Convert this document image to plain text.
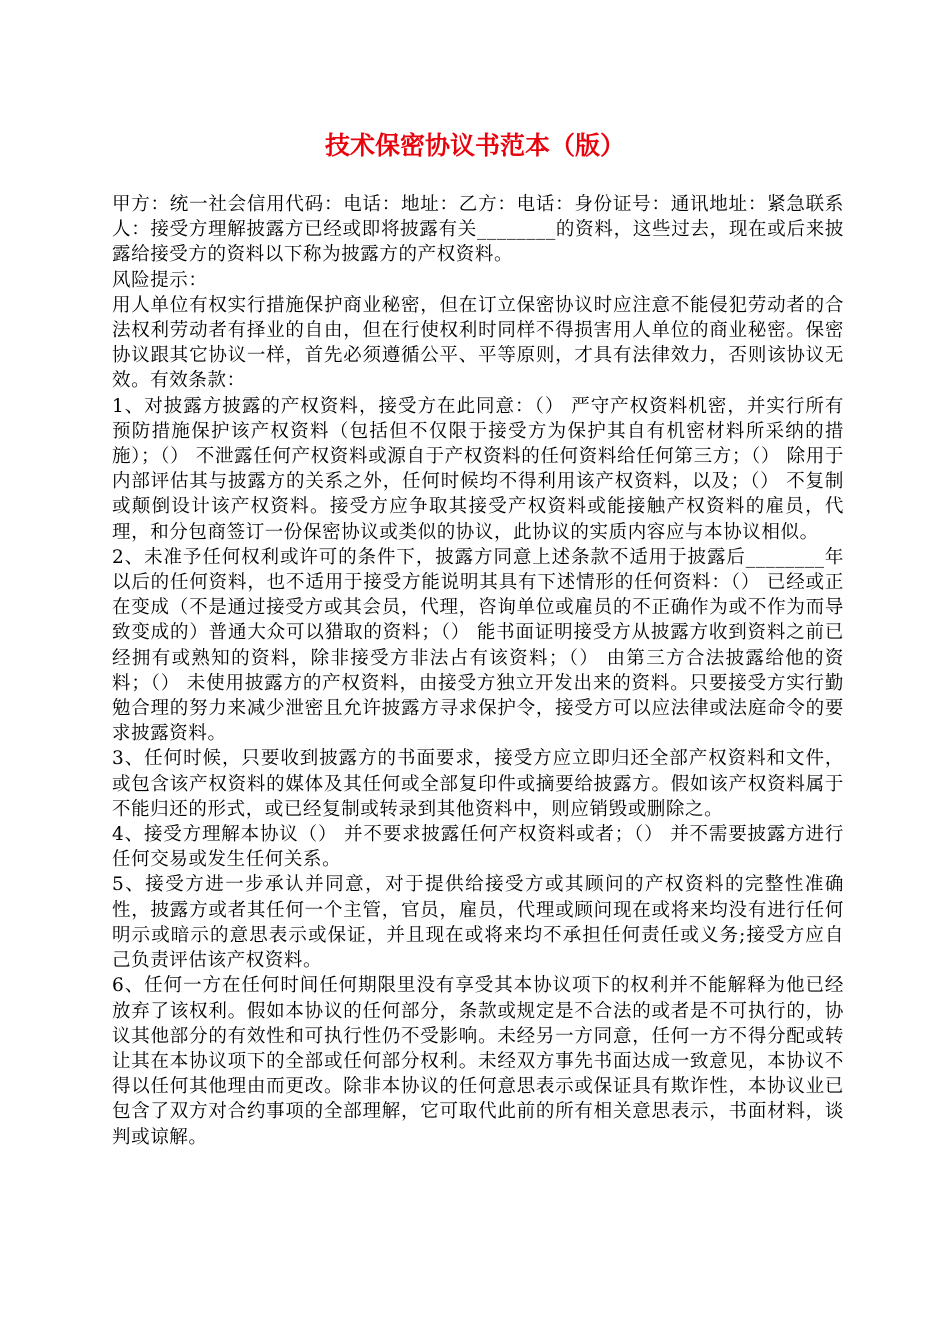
技术保密协议书范本（版）

甲方：统一社会信用代码：电话：地址：乙方：电话：身份证号：通讯地址：紧急联系人：接受方理解披露方已经或即将披露有关________的资料，这些过去，现在或后来披露给接受方的资料以下称为披露方的产权资料。

风险提示：

用人单位有权实行措施保护商业秘密，但在订立保密协议时应注意不能侵犯劳动者的合法权利劳动者有择业的自由，但在行使权利时同样不得损害用人单位的商业秘密。保密协议跟其它协议一样，首先必须遵循公平、平等原则，才具有法律效力，否则该协议无效。有效条款：

1、对披露方披露的产权资料，接受方在此同意：（） 严守产权资料机密，并实行所有预防措施保护该产权资料（包括但不仅限于接受方为保护其自有机密材料所采纳的措施）；（） 不泄露任何产权资料或源自于产权资料的任何资料给任何第三方；（） 除用于内部评估其与披露方的关系之外，任何时候均不得利用该产权资料，以及；（） 不复制或颠倒设计该产权资料。接受方应争取其接受产权资料或能接触产权资料的雇员，代理，和分包商签订一份保密协议或类似的协议，此协议的实质内容应与本协议相似。

2、未准予任何权利或许可的条件下，披露方同意上述条款不适用于披露后________年以后的任何资料，也不适用于接受方能说明其具有下述情形的任何资料：（） 已经或正在变成（不是通过接受方或其会员，代理，咨询单位或雇员的不正确作为或不作为而导致变成的）普通大众可以猎取的资料；（） 能书面证明接受方从披露方收到资料之前已经拥有或熟知的资料，除非接受方非法占有该资料；（） 由第三方合法披露给他的资料；（） 未使用披露方的产权资料，由接受方独立开发出来的资料。只要接受方实行勤勉合理的努力来减少泄密且允许披露方寻求保护令，接受方可以应法律或法庭命令的要求披露资料。

3、任何时候，只要收到披露方的书面要求，接受方应立即归还全部产权资料和文件，或包含该产权资料的媒体及其任何或全部复印件或摘要给披露方。假如该产权资料属于不能归还的形式，或已经复制或转录到其他资料中，则应销毁或删除之。

4、接受方理解本协议（） 并不要求披露任何产权资料或者；（） 并不需要披露方进行任何交易或发生任何关系。

5、接受方进一步承认并同意，对于提供给接受方或其顾问的产权资料的完整性准确性，披露方或者其任何一个主管，官员，雇员，代理或顾问现在或将来均没有进行任何明示或暗示的意思表示或保证，并且现在或将来均不承担任何责任或义务;接受方应自己负责评估该产权资料。

6、任何一方在任何时间任何期限里没有享受其本协议项下的权利并不能解释为他已经放弃了该权利。假如本协议的任何部分，条款或规定是不合法的或者是不可执行的，协议其他部分的有效性和可执行性仍不受影响。未经另一方同意，任何一方不得分配或转让其在本协议项下的全部或任何部分权利。未经双方事先书面达成一致意见，本协议不得以任何其他理由而更改。除非本协议的任何意思表示或保证具有欺诈性，本协议业已包含了双方对合约事项的全部理解，它可取代此前的所有相关意思表示，书面材料，谈判或谅解。
